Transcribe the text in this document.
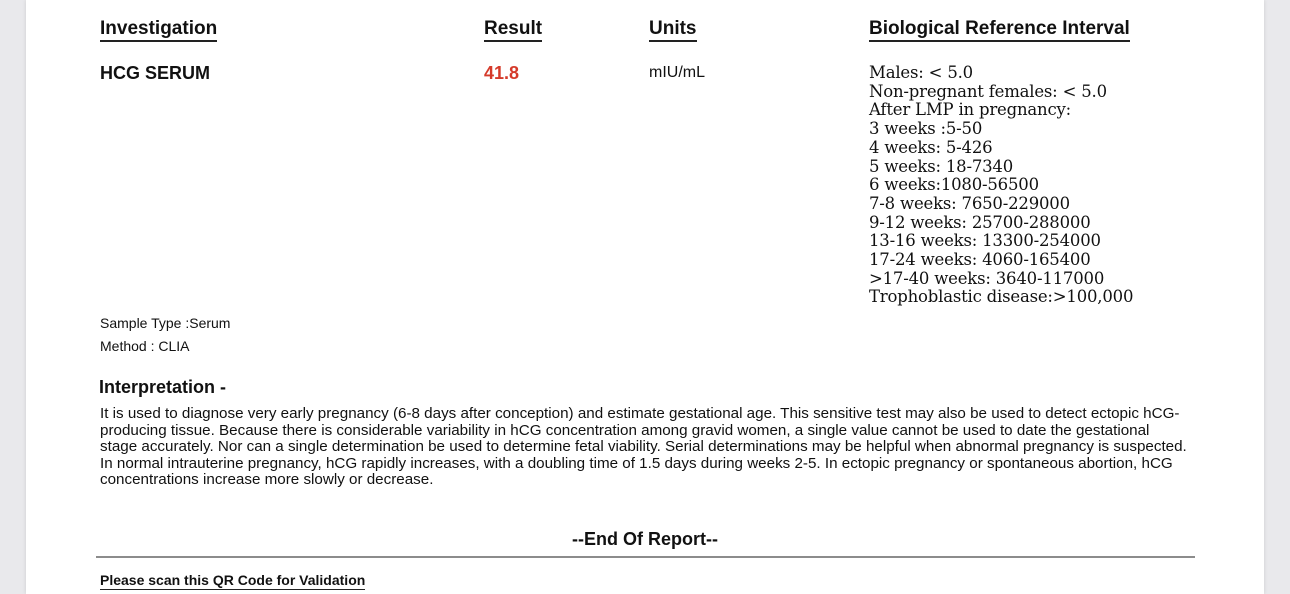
Investigation	Result	Units	Biological Reference Interval
HCG SERUM	41.8	mIU/mL	Males: < 5.0
Non-pregnant females: < 5.0
After LMP in pregnancy:
3 weeks :5-50
4 weeks: 5-426
5 weeks: 18-7340
6 weeks:1080-56500
7-8 weeks: 7650-229000
9-12 weeks: 25700-288000
13-16 weeks: 13300-254000
17-24 weeks: 4060-165400
>17-40 weeks: 3640-117000
Trophoblastic disease:>100,000
Sample Type :Serum
Method : CLIA
Interpretation -
It is used to diagnose very early pregnancy (6-8 days after conception) and estimate gestational age. This sensitive test may also be used to detect ectopic hCG-producing tissue. Because there is considerable variability in hCG concentration among gravid women, a single value cannot be used to date the gestational stage accurately. Nor can a single determination be used to determine fetal viability. Serial determinations may be helpful when abnormal pregnancy is suspected. In normal intrauterine pregnancy, hCG rapidly increases, with a doubling time of 1.5 days during weeks 2-5. In ectopic pregnancy or spontaneous abortion, hCG concentrations increase more slowly or decrease.
--End Of Report--
Please scan this QR Code for Validation
